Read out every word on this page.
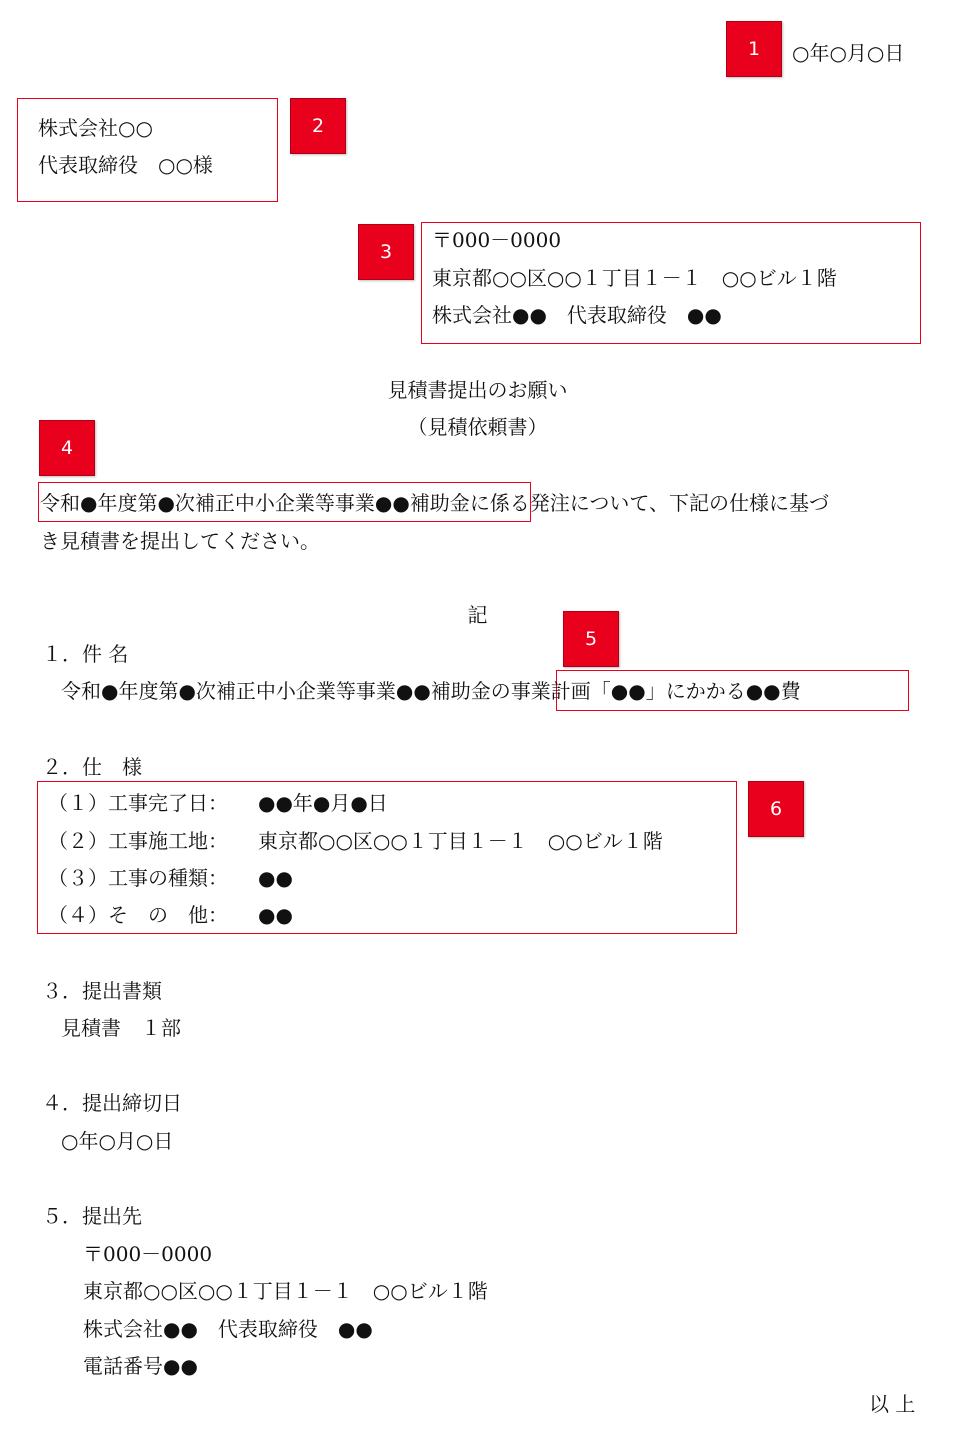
1	○年○月○日
株式会社○○
代表取締役　○○様
2
3	〒000－0000
東京都○○区○○１丁目１－１　○○ビル１階
株式会社●●　代表取締役　●●
見積書提出のお願い
（見積依頼書）
4
令和●年度第●次補正中小企業等事業●●補助金に係る発注について、下記の仕様に基づ
き見積書を提出してください。
記
１．件 名
5
令和●年度第●次補正中小企業等事業●●補助金の事業計画「●●」にかかる●●費
２．仕　様
6
（１）工事完了日： ●●年●月●日
（２）工事施工地： 東京都○○区○○１丁目１－１　○○ビル１階
（３）工事の種類： ●●
（４）そ　の　他： ●●
３．提出書類
見積書　１部
４．提出締切日
○年○月○日
５．提出先
〒000－0000
東京都○○区○○１丁目１－１　○○ビル１階
株式会社●●　代表取締役　●●
電話番号●●
以 上
